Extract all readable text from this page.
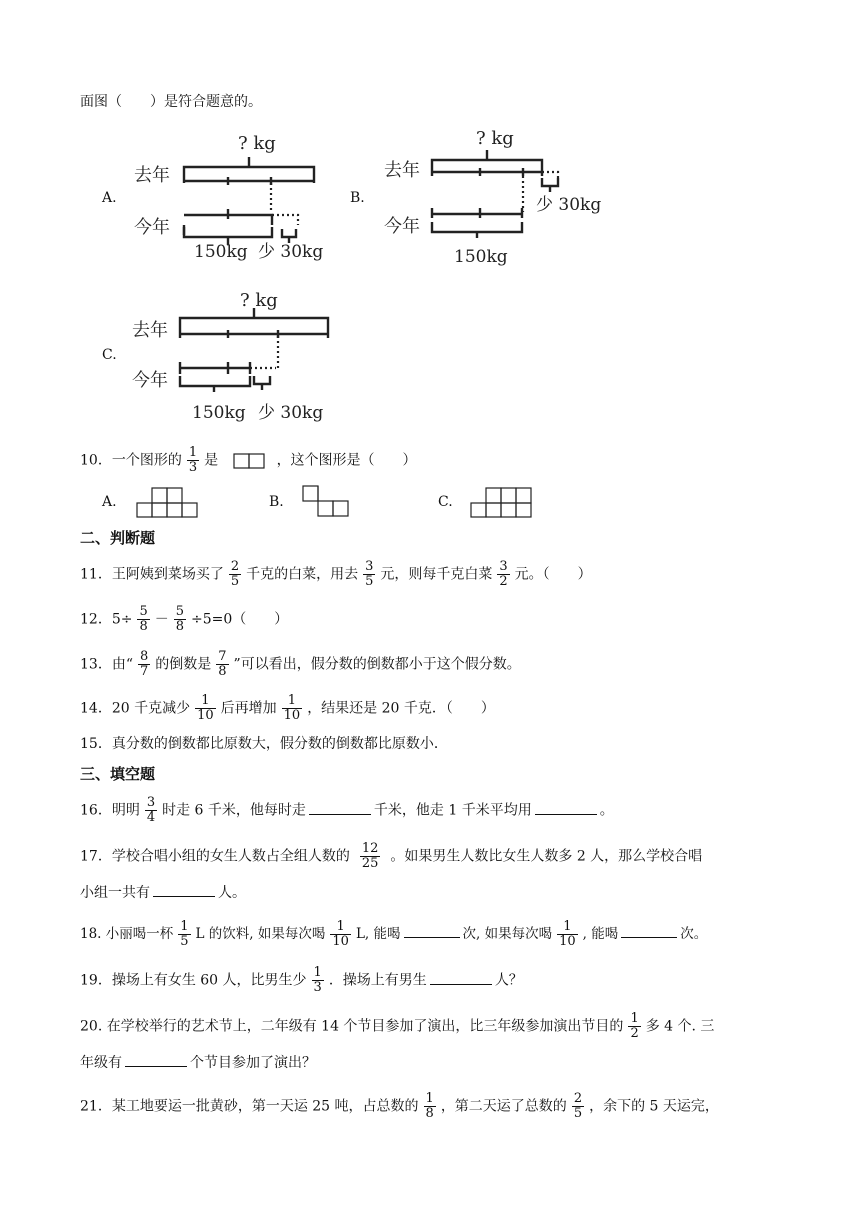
面图（　　）是符合题意的。
A.	B.
C.
? kg
去年
今年
150kg 少 30kg
? kg
去年
今年
少 30kg
150kg
? kg
去年
今年
150kg 少 30kg
10．一个图形的 $\frac{1}{3}$ 是	，这个图形是（　　）
A.	B.	C.
二、判断题
11．王阿姨到菜场买了 $\frac{2}{5}$ 千克的白菜，用去 $\frac{3}{5}$ 元，则每千克白菜 $\frac{3}{2}$ 元。（　　）
12．$5\div \frac{5}{8} - \frac{5}{8} \div 5=0$（　　）
13．由“ $\frac{8}{7}$ 的倒数是 $\frac{7}{8}$ ”可以看出，假分数的倒数都小于这个假分数。
14．20 千克减少 $\frac{1}{10}$ 后再增加 $\frac{1}{10}$ ，结果还是 20 千克．（　　）
15．真分数的倒数都比原数大，假分数的倒数都比原数小．
三、填空题
16．明明 $\frac{3}{4}$ 时走 6 千米，他每时走	千米，他走 1 千米平均用	。
17．学校合唱小组的女生人数占全组人数的 $\frac{12}{25}$ 。如果男生人数比女生人数多 2 人，那么学校合唱
小组一共有	人。
18. 小丽喝一杯 $\frac{1}{5}$ L 的饮料, 如果每次喝 $\frac{1}{10} L$, 能喝	次, 如果每次喝 $\frac{1}{10}$ , 能喝	次。
19．操场上有女生 60 人，比男生少 $\frac{1}{3}$ ．操场上有男生	人？
20. 在学校举行的艺术节上，二年级有 14 个节目参加了演出，比三年级参加演出节目的 $\frac{1}{2}$ 多 4 个. 三
年级有	个节目参加了演出？
21．某工地要运一批黄砂，第一天运 25 吨，占总数的 $\frac{1}{8}$ ，第二天运了总数的 $\frac{2}{5}$ ，余下的 5 天运完，
